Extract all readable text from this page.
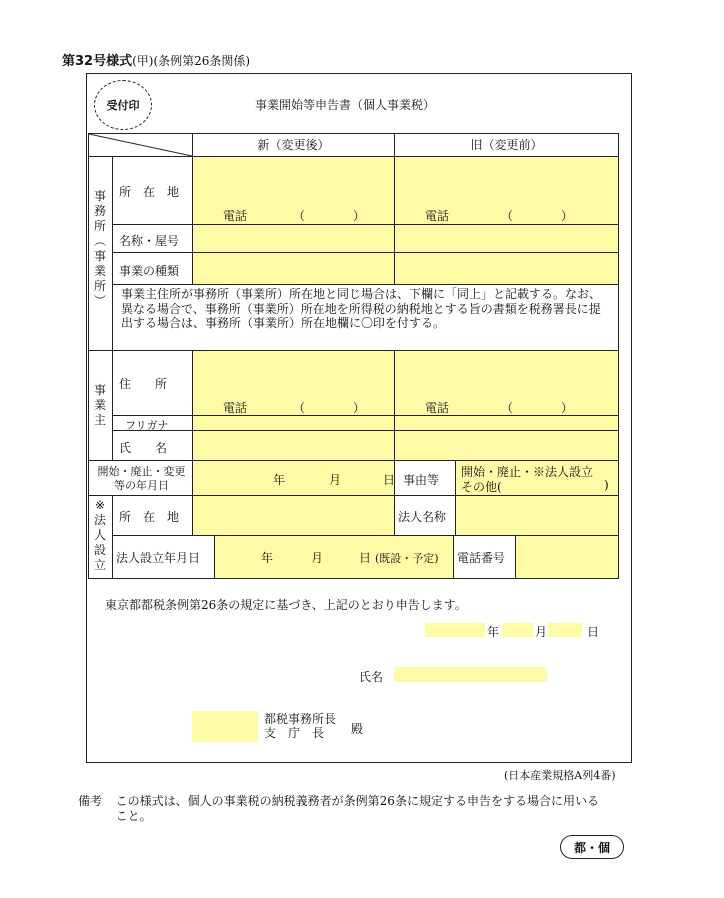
第32号様式(甲)(条例第26条関係)
受付印	事業開始等申告書（個人事業税）
新（変更後）	旧（変更前）
事
務
所
︵
事
業
所
︶
所　在　地
電話	（	）	電話	（	）
名称・屋号
事業の種類
事
業
主
住　　所
電話	（	）	電話	（	）
フリガナ
氏　　名
開始・廃止・変更等の年月日	年	月	日 事由等
開始・廃止・※法人設立
その他(	)
※
法
人
設
立
所　在　地	法人名称
法人設立年月日	年	月	日 (既設・予定) 電話番号
事業主住所が事務所（事業所）所在地と同じ場合は、下欄に「同上」と記載する。なお、異なる場合で、事務所（事業所）所在地を所得税の納税地とする旨の書類を税務署長に提出する場合は、事務所（事業所）所在地欄に〇印を付する。
東京都都税条例第26条の規定に基づき、上記のとおり申告します。
年	月	日
氏名
都税事務所長
支　庁　長	殿
(日本産業規格A列4番)
備考 この様式は、個人の事業税の納税義務者が条例第26条に規定する申告をする場合に用いること。
都・個
